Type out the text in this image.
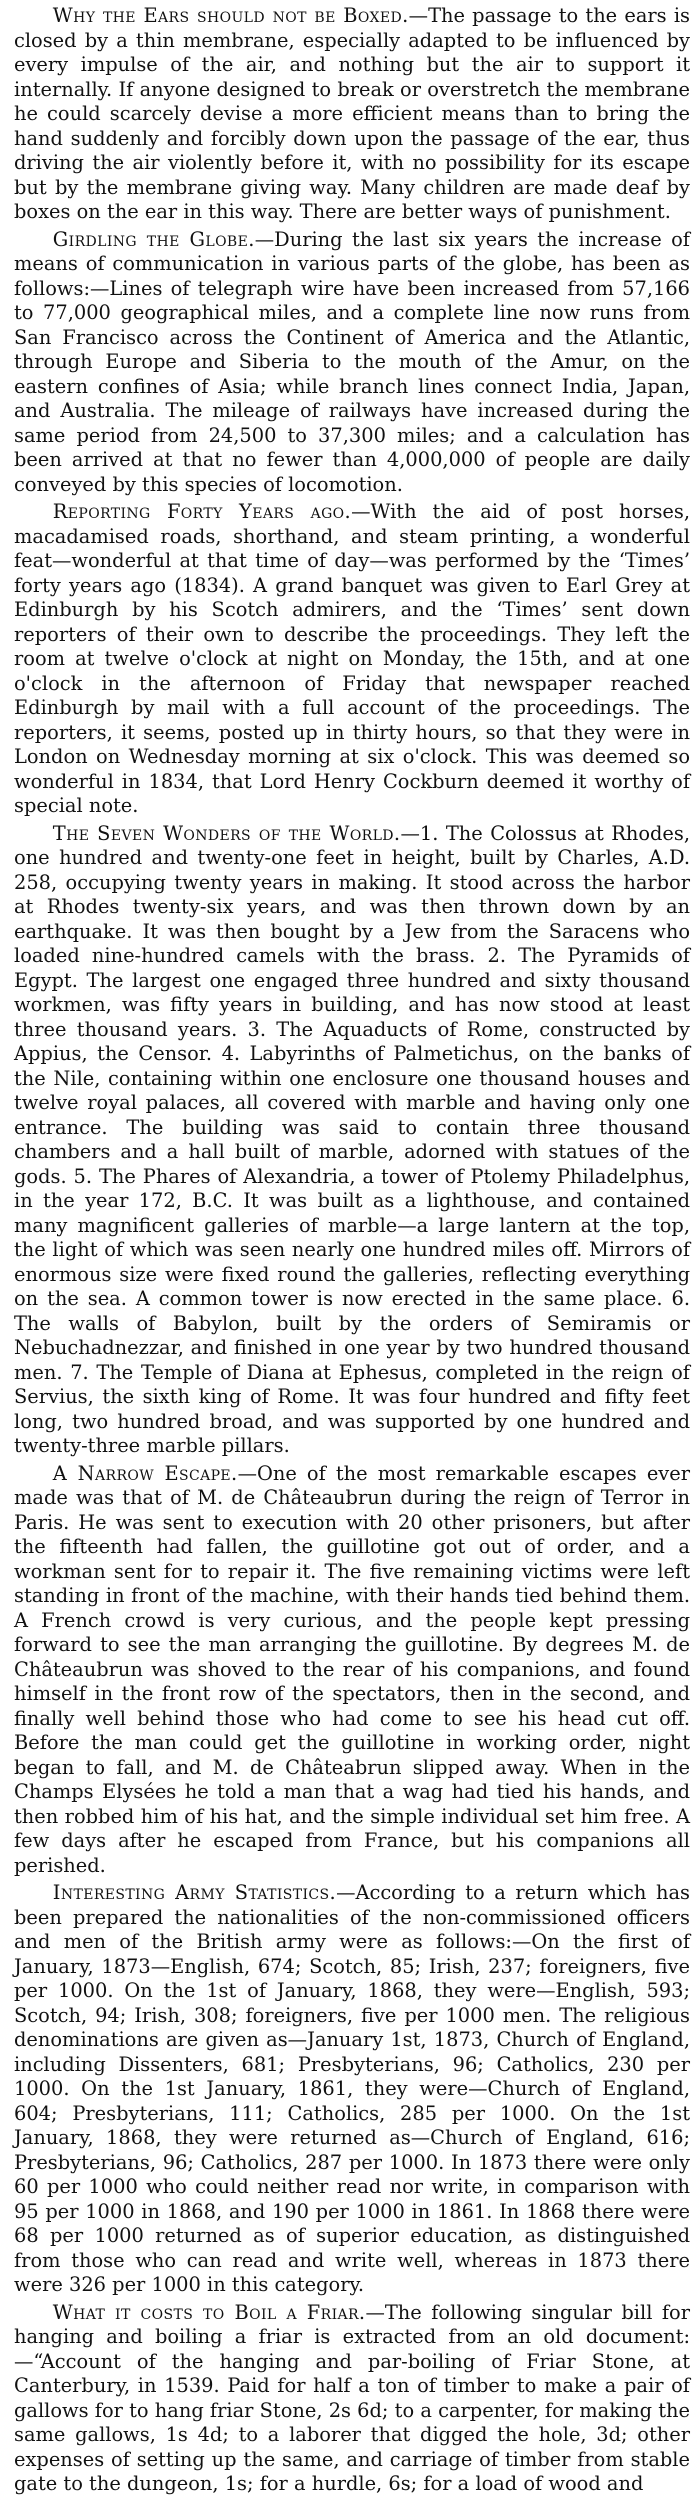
Why the Ears should not be Boxed.—The passage to the ears is closed by a thin membrane, especially adapted to be influenced by every impulse of the air, and nothing but the air to support it internally. If anyone designed to break or overstretch the membrane he could scarcely devise a more efficient means than to bring the hand suddenly and forcibly down upon the passage of the ear, thus driving the air violently before it, with no possibility for its escape but by the membrane giving way. Many children are made deaf by boxes on the ear in this way. There are better ways of punishment.

Girdling the Globe.—During the last six years the increase of means of communication in various parts of the globe, has been as follows:—Lines of telegraph wire have been increased from 57,166 to 77,000 geographical miles, and a complete line now runs from San Francisco across the Continent of America and the Atlantic, through Europe and Siberia to the mouth of the Amur, on the eastern confines of Asia; while branch lines connect India, Japan, and Australia. The mileage of railways have increased during the same period from 24,500 to 37,300 miles; and a calculation has been arrived at that no fewer than 4,000,000 of people are daily conveyed by this species of locomotion.

Reporting Forty Years ago.—With the aid of post horses, macadamised roads, shorthand, and steam printing, a wonderful feat—wonderful at that time of day—was performed by the ‘Times’ forty years ago (1834). A grand banquet was given to Earl Grey at Edinburgh by his Scotch admirers, and the ‘Times’ sent down reporters of their own to describe the proceedings. They left the room at twelve o'clock at night on Monday, the 15th, and at one o'clock in the afternoon of Friday that newspaper reached Edinburgh by mail with a full account of the proceedings. The reporters, it seems, posted up in thirty hours, so that they were in London on Wednesday morning at six o'clock. This was deemed so wonderful in 1834, that Lord Henry Cockburn deemed it worthy of special note.

The Seven Wonders of the World.—1. The Colossus at Rhodes, one hundred and twenty-one feet in height, built by Charles, A.D. 258, occupying twenty years in making. It stood across the harbor at Rhodes twenty-six years, and was then thrown down by an earthquake. It was then bought by a Jew from the Saracens who loaded nine-hundred camels with the brass. 2. The Pyramids of Egypt. The largest one engaged three hundred and sixty thousand workmen, was fifty years in building, and has now stood at least three thousand years. 3. The Aquaducts of Rome, constructed by Appius, the Censor. 4. Labyrinths of Palmetichus, on the banks of the Nile, containing within one enclosure one thousand houses and twelve royal palaces, all covered with marble and having only one entrance. The building was said to contain three thousand chambers and a hall built of marble, adorned with statues of the gods. 5. The Phares of Alexandria, a tower of Ptolemy Philadelphus, in the year 172, B.C. It was built as a lighthouse, and contained many magnificent galleries of marble—a large lantern at the top, the light of which was seen nearly one hundred miles off. Mirrors of enormous size were fixed round the galleries, reflecting everything on the sea. A common tower is now erected in the same place. 6. The walls of Babylon, built by the orders of Semiramis or Nebuchadnezzar, and finished in one year by two hundred thousand men. 7. The Temple of Diana at Ephesus, completed in the reign of Servius, the sixth king of Rome. It was four hundred and fifty feet long, two hundred broad, and was supported by one hundred and twenty-three marble pillars.

A Narrow Escape.—One of the most remarkable escapes ever made was that of M. de Châteaubrun during the reign of Terror in Paris. He was sent to execution with 20 other prisoners, but after the fifteenth had fallen, the guillotine got out of order, and a workman sent for to repair it. The five remaining victims were left standing in front of the machine, with their hands tied behind them. A French crowd is very curious, and the people kept pressing forward to see the man arranging the guillotine. By degrees M. de Châteaubrun was shoved to the rear of his companions, and found himself in the front row of the spectators, then in the second, and finally well behind those who had come to see his head cut off. Before the man could get the guillotine in working order, night began to fall, and M. de Châteabrun slipped away. When in the Champs Elysées he told a man that a wag had tied his hands, and then robbed him of his hat, and the simple individual set him free. A few days after he escaped from France, but his companions all perished.

Interesting Army Statistics.—According to a return which has been prepared the nationalities of the non-commissioned officers and men of the British army were as follows:—On the first of January, 1873—English, 674; Scotch, 85; Irish, 237; foreigners, five per 1000. On the 1st of January, 1868, they were—English, 593; Scotch, 94; Irish, 308; foreigners, five per 1000 men. The religious denominations are given as—January 1st, 1873, Church of England, including Dissenters, 681; Presbyterians, 96; Catholics, 230 per 1000. On the 1st January, 1861, they were—Church of England, 604; Presbyterians, 111; Catholics, 285 per 1000. On the 1st January, 1868, they were returned as—Church of England, 616; Presbyterians, 96; Catholics, 287 per 1000. In 1873 there were only 60 per 1000 who could neither read nor write, in comparison with 95 per 1000 in 1868, and 190 per 1000 in 1861. In 1868 there were 68 per 1000 returned as of superior education, as distinguished from those who can read and write well, whereas in 1873 there were 326 per 1000 in this category.

What it costs to Boil a Friar.—The following singular bill for hanging and boiling a friar is extracted from an old document:—“Account of the hanging and par-boiling of Friar Stone, at Canterbury, in 1539. Paid for half a ton of timber to make a pair of gallows for to hang friar Stone, 2s 6d; to a carpenter, for making the same gallows, 1s 4d; to a laborer that digged the hole, 3d; other expenses of setting up the same, and carriage of timber from stable gate to the dungeon, 1s; for a hurdle, 6s; for a load of wood and
